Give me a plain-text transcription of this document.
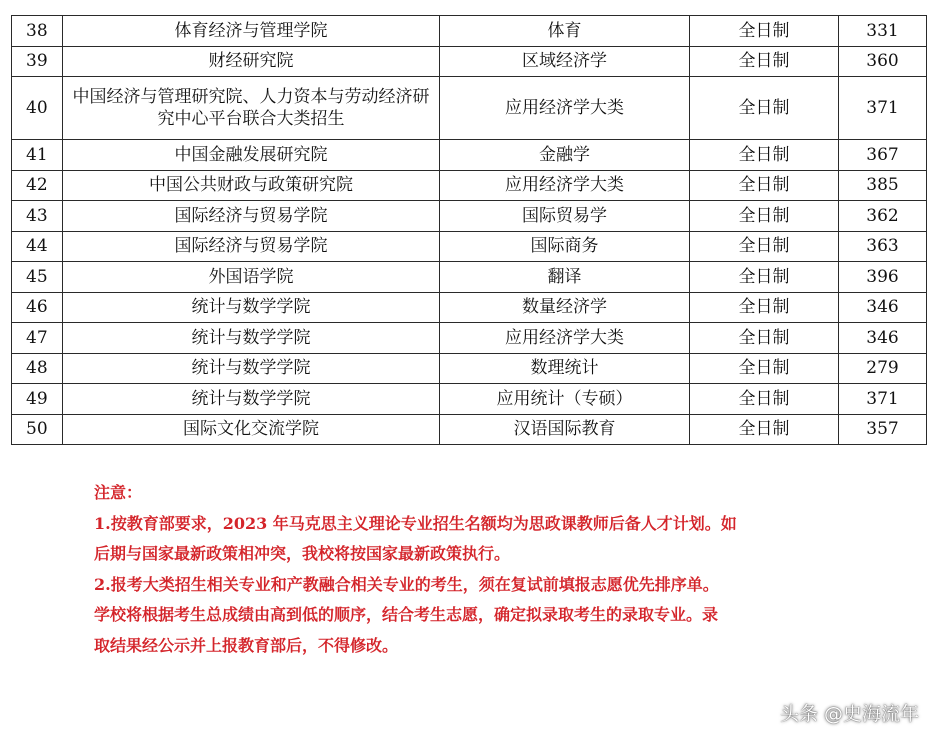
38	体育经济与管理学院	体育	全日制	331
39	财经研究院	区域经济学	全日制	360
40	中国经济与管理研究院、人力资本与劳动经济研究中心平台联合大类招生	应用经济学大类	全日制	371
41	中国金融发展研究院	金融学	全日制	367
42	中国公共财政与政策研究院	应用经济学大类	全日制	385
43	国际经济与贸易学院	国际贸易学	全日制	362
44	国际经济与贸易学院	国际商务	全日制	363
45	外国语学院	翻译	全日制	396
46	统计与数学学院	数量经济学	全日制	346
47	统计与数学学院	应用经济学大类	全日制	346
48	统计与数学学院	数理统计	全日制	279
49	统计与数学学院	应用统计（专硕）	全日制	371
50	国际文化交流学院	汉语国际教育	全日制	357

注意：

1.按教育部要求，2023 年马克思主义理论专业招生名额均为思政课教师后备人才计划。如

后期与国家最新政策相冲突，我校将按国家最新政策执行。

2.报考大类招生相关专业和产教融合相关专业的考生，须在复试前填报志愿优先排序单。

学校将根据考生总成绩由高到低的顺序，结合考生志愿，确定拟录取考生的录取专业。录

取结果经公示并上报教育部后，不得修改。

头条 @史海流年
